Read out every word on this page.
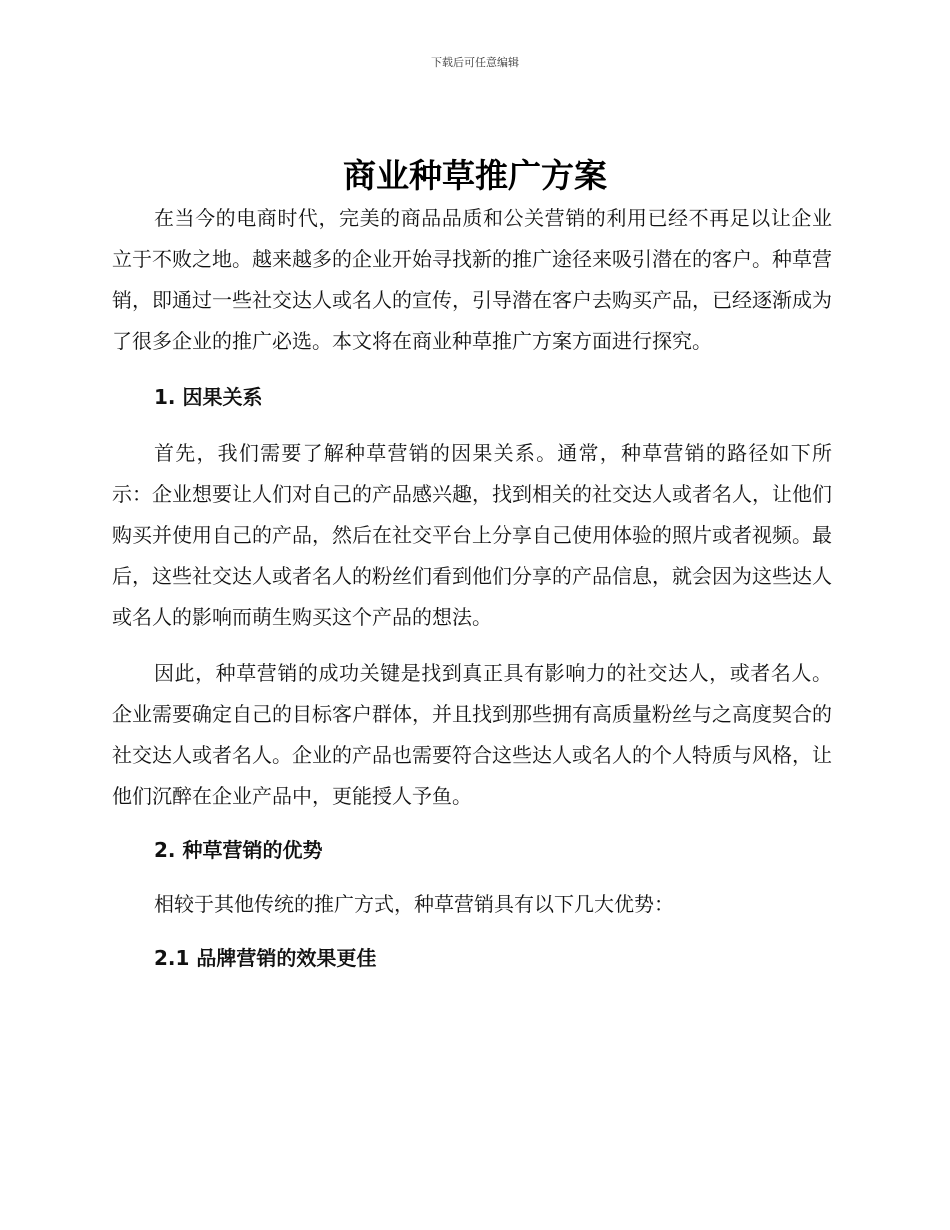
下载后可任意编辑
商业种草推广方案

在当今的电商时代，完美的商品品质和公关营销的利用已经不再足以让企业立于不败之地。越来越多的企业开始寻找新的推广途径来吸引潜在的客户。种草营销，即通过一些社交达人或名人的宣传，引导潜在客户去购买产品，已经逐渐成为了很多企业的推广必选。本文将在商业种草推广方案方面进行探究。

1. 因果关系

首先，我们需要了解种草营销的因果关系。通常，种草营销的路径如下所示：企业想要让人们对自己的产品感兴趣，找到相关的社交达人或者名人，让他们购买并使用自己的产品，然后在社交平台上分享自己使用体验的照片或者视频。最后，这些社交达人或者名人的粉丝们看到他们分享的产品信息，就会因为这些达人或名人的影响而萌生购买这个产品的想法。

因此，种草营销的成功关键是找到真正具有影响力的社交达人，或者名人。企业需要确定自己的目标客户群体，并且找到那些拥有高质量粉丝与之高度契合的社交达人或者名人。企业的产品也需要符合这些达人或名人的个人特质与风格，让他们沉醉在企业产品中，更能授人予鱼。

2. 种草营销的优势

相较于其他传统的推广方式，种草营销具有以下几大优势：

2.1 品牌营销的效果更佳
